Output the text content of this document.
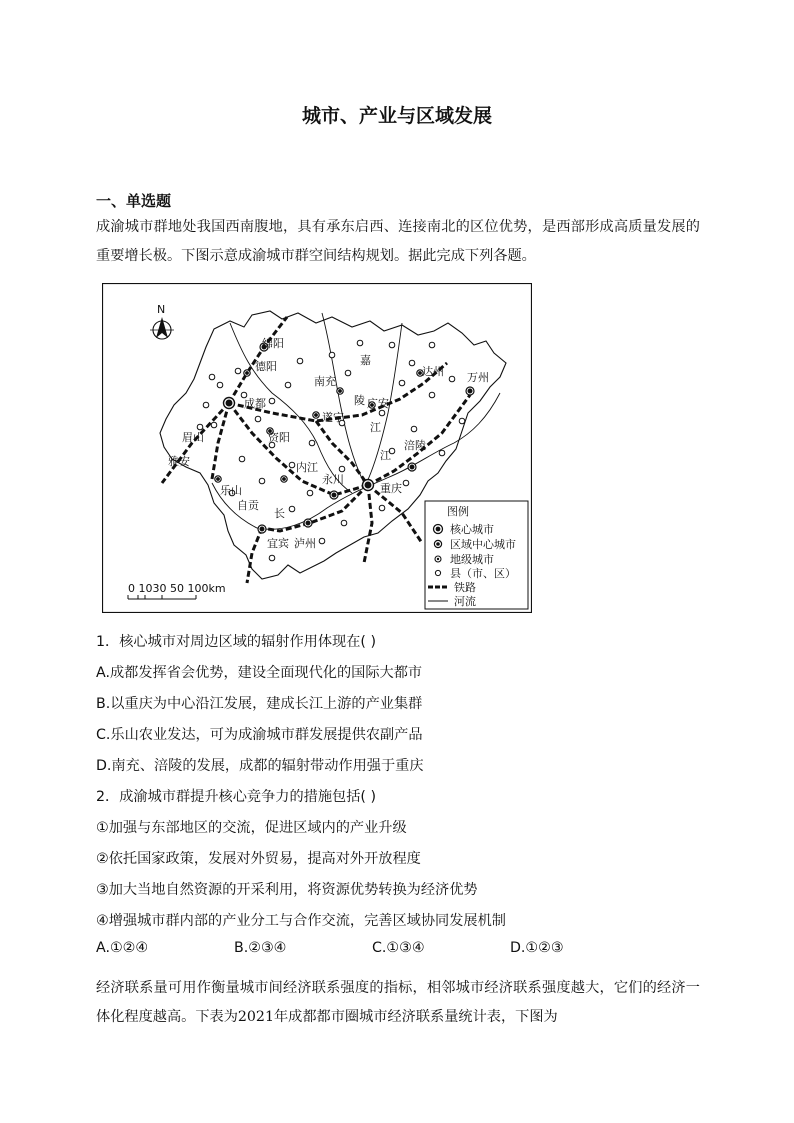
城市、产业与区域发展
一、单选题
成渝城市群地处我国西南腹地，具有承东启西、连接南北的区位优势，是西部形成高质量发展的重要增长极。下图示意成渝城市群空间结构规划。据此完成下列各题。
N
绵阳
德阳
成都
南充
嘉
陵
达州 万州
遂宁
广安
江
眉山
雅安
资阳
涪陵
江
内江
永川
重庆
乐山
自贡
长
宜宾 泸州
0 1030 50 100km
图例
核心城市
区域中心城市
地级城市
县（市、区）
铁路
河流
1．核心城市对周边区域的辐射作用体现在( )
A.成都发挥省会优势，建设全面现代化的国际大都市
B.以重庆为中心沿江发展，建成长江上游的产业集群
C.乐山农业发达，可为成渝城市群发展提供农副产品
D.南充、涪陵的发展，成都的辐射带动作用强于重庆
2．成渝城市群提升核心竞争力的措施包括( )
①加强与东部地区的交流，促进区域内的产业升级
②依托国家政策，发展对外贸易，提高对外开放程度
③加大当地自然资源的开采利用，将资源优势转换为经济优势
④增强城市群内部的产业分工与合作交流，完善区域协同发展机制
A.①②④	B.②③④	C.①③④	D.①②③
经济联系量可用作衡量城市间经济联系强度的指标，相邻城市经济联系强度越大，它们的经济一体化程度越高。下表为2021年成都都市圈城市经济联系量统计表，下图为
